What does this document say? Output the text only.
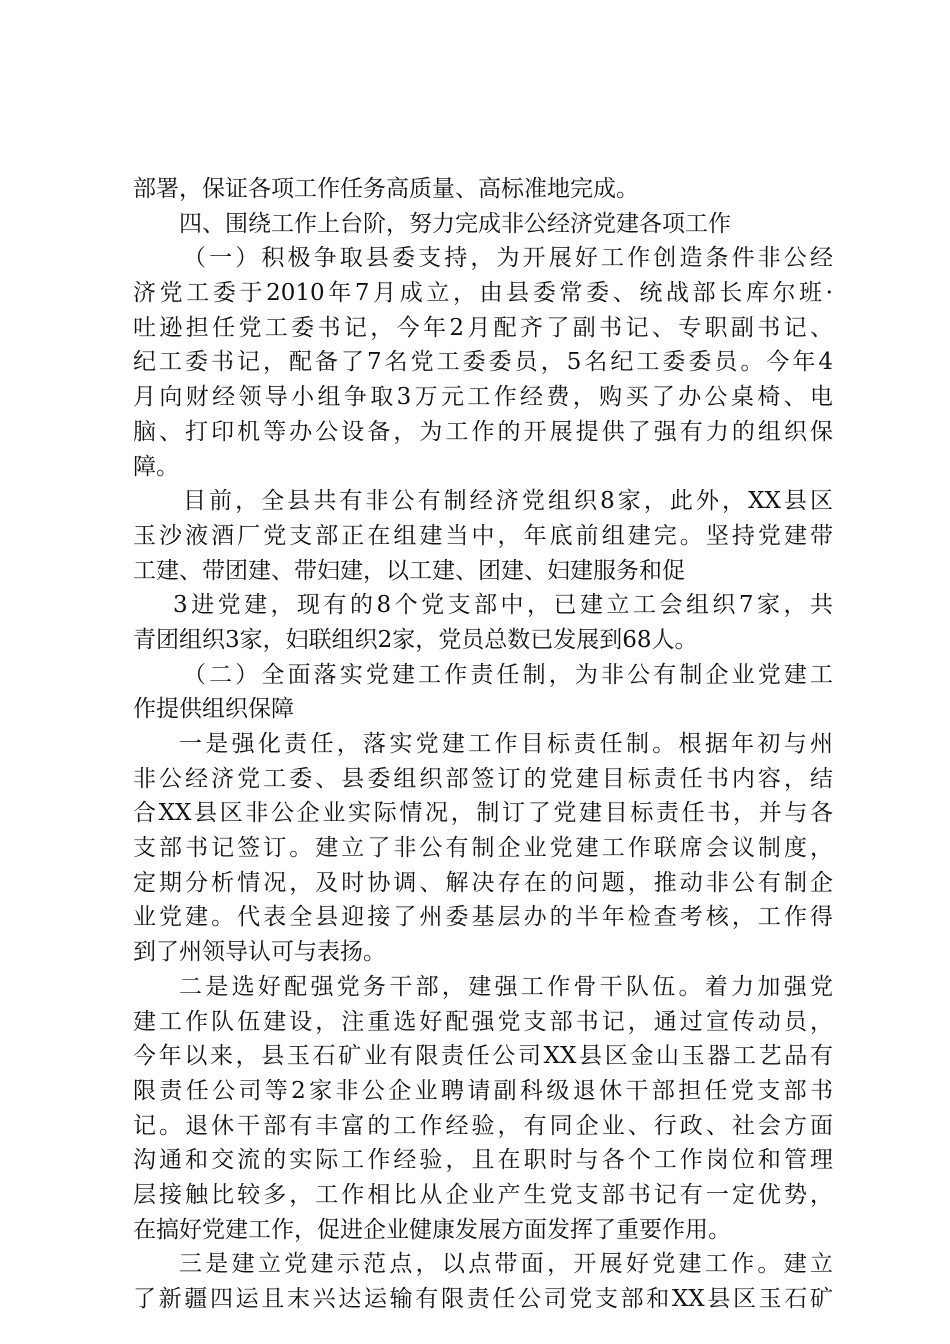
部署，保证各项工作任务高质量、高标准地完成。
四、围绕工作上台阶，努力完成非公经济党建各项工作
（一）积极争取县委支持，为开展好工作创造条件非公经
济党工委于2010年7月成立，由县委常委、统战部长库尔班·
吐逊担任党工委书记，今年2月配齐了副书记、专职副书记、
纪工委书记，配备了7名党工委委员，5名纪工委委员。今年4
月向财经领导小组争取3万元工作经费，购买了办公桌椅、电
脑、打印机等办公设备，为工作的开展提供了强有力的组织保
障。
目前，全县共有非公有制经济党组织8家，此外，XX县区
玉沙液酒厂党支部正在组建当中，年底前组建完。坚持党建带
工建、带团建、带妇建，以工建、团建、妇建服务和促
3进党建，现有的8个党支部中，已建立工会组织7家，共
青团组织3家，妇联组织2家，党员总数已发展到68人。
（二）全面落实党建工作责任制，为非公有制企业党建工
作提供组织保障
一是强化责任，落实党建工作目标责任制。根据年初与州
非公经济党工委、县委组织部签订的党建目标责任书内容，结
合XX县区非公企业实际情况，制订了党建目标责任书，并与各
支部书记签订。建立了非公有制企业党建工作联席会议制度，
定期分析情况，及时协调、解决存在的问题，推动非公有制企
业党建。代表全县迎接了州委基层办的半年检查考核，工作得
到了州领导认可与表扬。
二是选好配强党务干部，建强工作骨干队伍。着力加强党
建工作队伍建设，注重选好配强党支部书记，通过宣传动员，
今年以来，县玉石矿业有限责任公司XX县区金山玉器工艺品有
限责任公司等2家非公企业聘请副科级退休干部担任党支部书
记。退休干部有丰富的工作经验，有同企业、行政、社会方面
沟通和交流的实际工作经验，且在职时与各个工作岗位和管理
层接触比较多，工作相比从企业产生党支部书记有一定优势，
在搞好党建工作，促进企业健康发展方面发挥了重要作用。
三是建立党建示范点，以点带面，开展好党建工作。建立
了新疆四运且末兴达运输有限责任公司党支部和XX县区玉石矿
